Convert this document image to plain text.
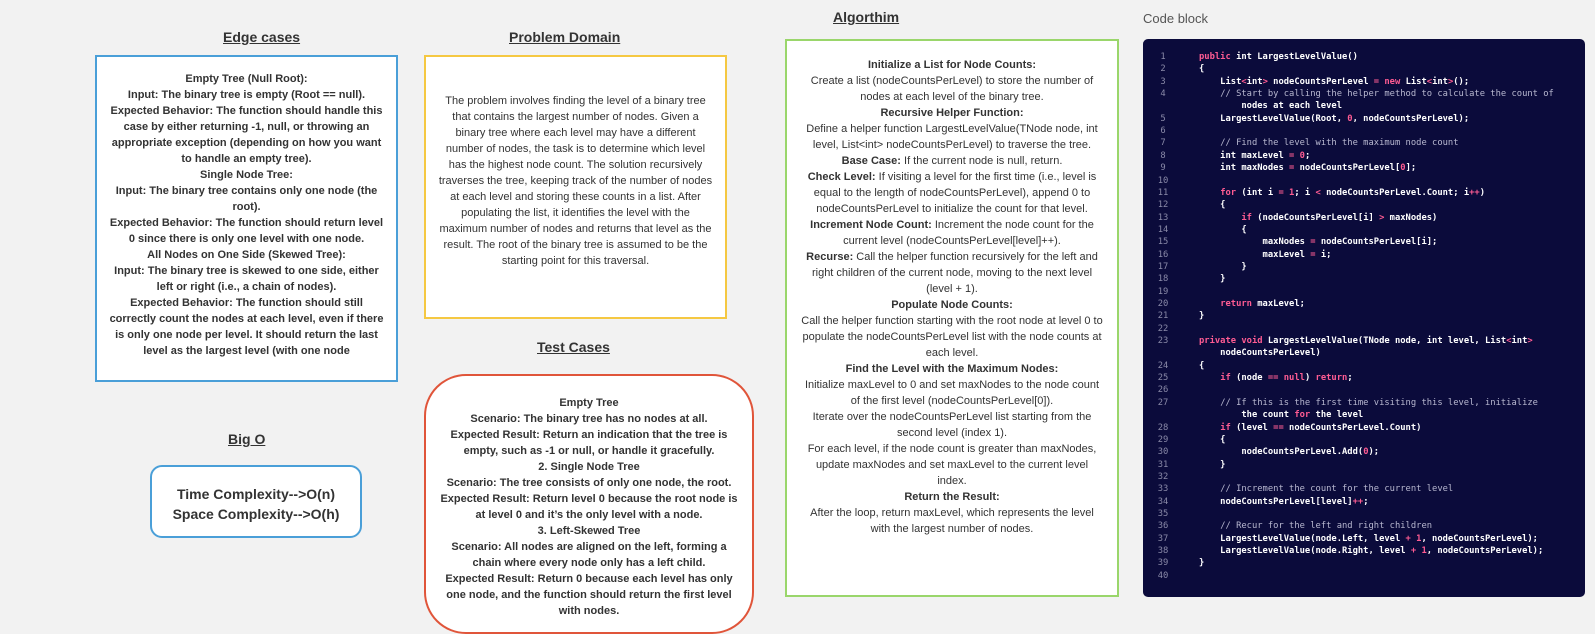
Edge cases	Problem Domain
Algorthim	Code block
Test Cases
Big O
Empty Tree (Null Root):
Input: The binary tree is empty (Root == null).
Expected Behavior: The function should handle this case by either returning -1, null, or throwing an appropriate exception (depending on how you want to handle an empty tree).
Single Node Tree:
Input: The binary tree contains only one node (the root).
Expected Behavior: The function should return level 0 since there is only one level with one node.
All Nodes on One Side (Skewed Tree):
Input: The binary tree is skewed to one side, either left or right (i.e., a chain of nodes).
Expected Behavior: The function should still correctly count the nodes at each level, even if there is only one node per level. It should return the last level as the largest level (with one node
The problem involves finding the level of a binary tree that contains the largest number of nodes. Given a binary tree where each level may have a different number of nodes, the task is to determine which level has the highest node count. The solution recursively traverses the tree, keeping track of the number of nodes at each level and storing these counts in a list. After populating the list, it identifies the level with the maximum number of nodes and returns that level as the result. The root of the binary tree is assumed to be the starting point for this traversal.
Initialize a List for Node Counts:
Create a list (nodeCountsPerLevel) to store the number of nodes at each level of the binary tree.
Recursive Helper Function:
Define a helper function LargestLevelValue(TNode node, int level, List<int> nodeCountsPerLevel) to traverse the tree.
Base Case: If the current node is null, return.
Check Level: If visiting a level for the first time (i.e., level is equal to the length of nodeCountsPerLevel), append 0 to nodeCountsPerLevel to initialize the count for that level.
Increment Node Count: Increment the node count for the current level (nodeCountsPerLevel[level]++).
Recurse: Call the helper function recursively for the left and right children of the current node, moving to the next level (level + 1).
Populate Node Counts:
Call the helper function starting with the root node at level 0 to populate the nodeCountsPerLevel list with the node counts at each level.
Find the Level with the Maximum Nodes:
Initialize maxLevel to 0 and set maxNodes to the node count of the first level (nodeCountsPerLevel[0]).
Iterate over the nodeCountsPerLevel list starting from the second level (index 1).
For each level, if the node count is greater than maxNodes, update maxNodes and set maxLevel to the current level index.
Return the Result:
After the loop, return maxLevel, which represents the level with the largest number of nodes.
1	public int LargestLevelValue()
2	{
3	List<int> nodeCountsPerLevel = new List<int>();
4	// Start by calling the helper method to calculate the count of
nodes at each level
5	LargestLevelValue(Root, 0, nodeCountsPerLevel);
6
7	// Find the level with the maximum node count
8	int maxLevel = 0;
9	int maxNodes = nodeCountsPerLevel[0];
10
11	for (int i = 1; i < nodeCountsPerLevel.Count; i++)
12	{
13	if (nodeCountsPerLevel[i] > maxNodes)
14	{
15	maxNodes = nodeCountsPerLevel[i];
16	maxLevel = i;
17	}
18	}
19
20	return maxLevel;
21	}
22
23	private void LargestLevelValue(TNode node, int level, List<int>
nodeCountsPerLevel)
24	{
25	if (node == null) return;
26
27	// If this is the first time visiting this level, initialize
the count for the level
28	if (level == nodeCountsPerLevel.Count)
29	{
30	nodeCountsPerLevel.Add(0);
31	}
32
33	// Increment the count for the current level
34	nodeCountsPerLevel[level]++;
35
36	// Recur for the left and right children
37	LargestLevelValue(node.Left, level + 1, nodeCountsPerLevel);
38	LargestLevelValue(node.Right, level + 1, nodeCountsPerLevel);
39	}
40
Empty Tree
Scenario: The binary tree has no nodes at all.
Expected Result: Return an indication that the tree is empty, such as -1 or null, or handle it gracefully.
2. Single Node Tree
Scenario: The tree consists of only one node, the root.
Expected Result: Return level 0 because the root node is at level 0 and it’s the only level with a node.
3. Left-Skewed Tree
Scenario: All nodes are aligned on the left, forming a chain where every node only has a left child.
Expected Result: Return 0 because each level has only one node, and the function should return the first level with nodes.
Time Complexity-->O(n)
Space Complexity-->O(h)
